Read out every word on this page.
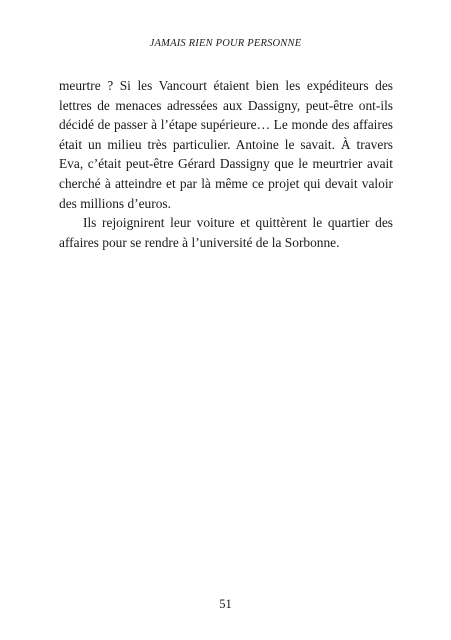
JAMAIS RIEN POUR PERSONNE

meurtre ? Si les Vancourt étaient bien les expéditeurs des lettres de menaces adressées aux Dassigny, peut-être ont-ils décidé de passer à l’étape supérieure… Le monde des affaires était un milieu très particulier. Antoine le savait. À travers Eva, c’était peut-être Gérard Dassigny que le meurtrier avait cherché à atteindre et par là même ce projet qui devait valoir des millions d’euros.

Ils rejoignirent leur voiture et quittèrent le quartier des affaires pour se rendre à l’université de la Sorbonne.

51
